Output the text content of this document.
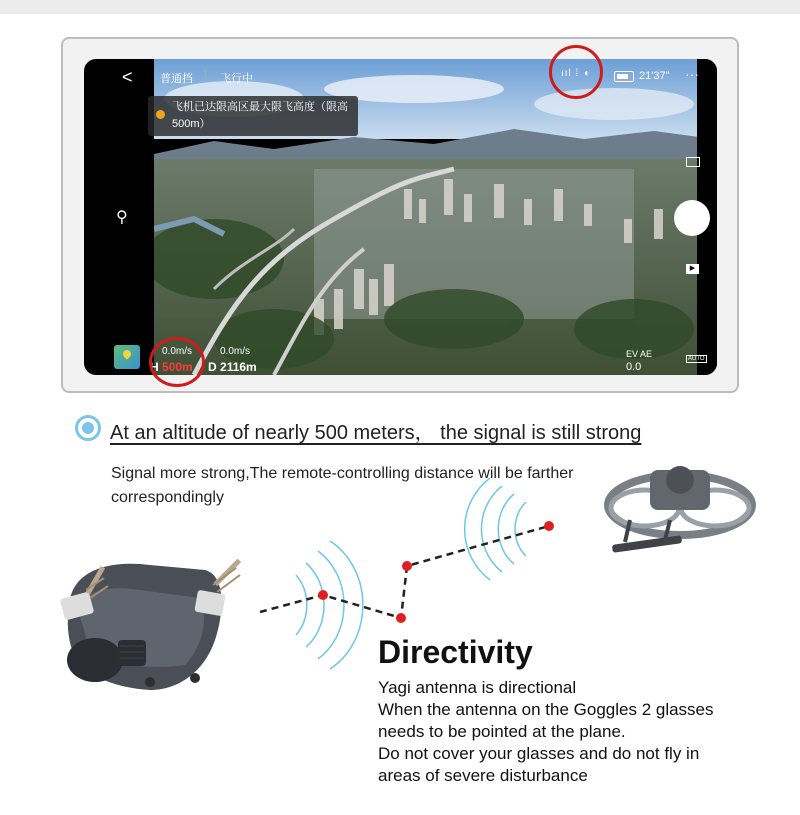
< 普通挡 | 飞行中	ııl ⁞ ◖	21'37" ···
飞机已达限高区最大限飞高度（限高 500m）
⚲
▶
0.0m/s	0.0m/s
H 500m D 2116m
EV AE
0.0
AUTO
At an altitude of nearly 500 meters， the signal is still strong
Signal more strong,The remote-controlling distance will be farther correspondingly
Directivity
Yagi antenna is directional
When the antenna on the Goggles 2 glasses
needs to be pointed at the plane.
Do not cover your glasses and do not fly in
areas of severe disturbance
